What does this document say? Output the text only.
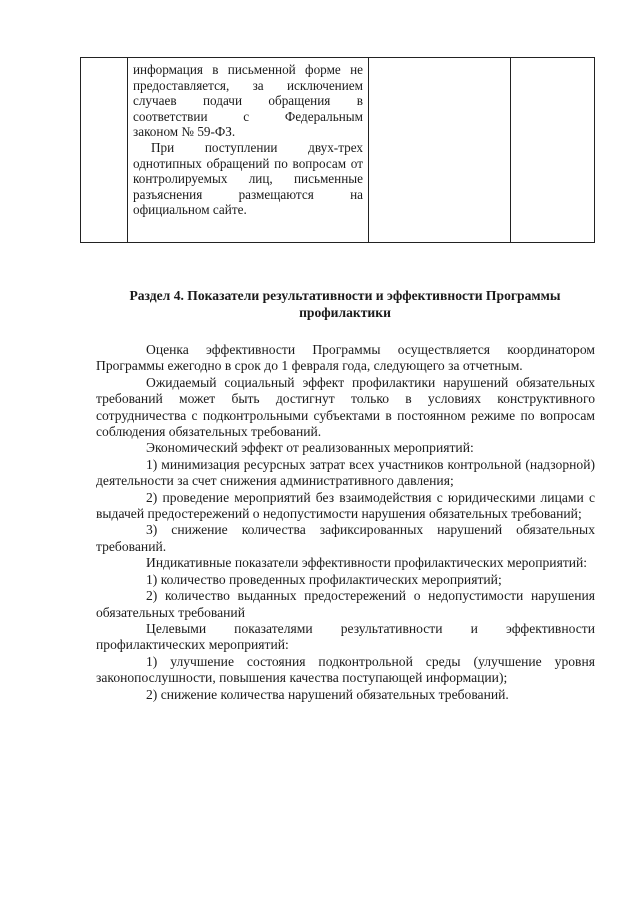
информация в письменной форме не

предоставляется, за исключением

случаев подачи обращения в

соответствии с Федеральным

законом № 59-ФЗ.

При поступлении двух-трех однотипных обращений по вопросам от контролируемых лиц, письменные разъяснения размещаются на официальном сайте.

Раздел 4. Показатели результативности и эффективности Программы профилактики

Оценка эффективности Программы осуществляется координатором Программы ежегодно в срок до 1 февраля года, следующего за отчетным.

Ожидаемый социальный эффект профилактики нарушений обязательных требований может быть достигнут только в условиях конструктивного сотрудничества с подконтрольными субъектами в постоянном режиме по вопросам соблюдения обязательных требований.

Экономический эффект от реализованных мероприятий:

1) минимизация ресурсных затрат всех участников контрольной (надзорной) деятельности за счет снижения административного давления;

2) проведение мероприятий без взаимодействия с юридическими лицами с выдачей предостережений о недопустимости нарушения обязательных требований;

3) снижение количества зафиксированных нарушений обязательных требований.

Индикативные показатели эффективности профилактических мероприятий:

1) количество проведенных профилактических мероприятий;

2) количество выданных предостережений о недопустимости нарушения обязательных требований

Целевыми показателями результативности и эффективности профилактических мероприятий:

1) улучшение состояния подконтрольной среды (улучшение уровня законопослушности, повышения качества поступающей информации);

2) снижение количества нарушений обязательных требований.
